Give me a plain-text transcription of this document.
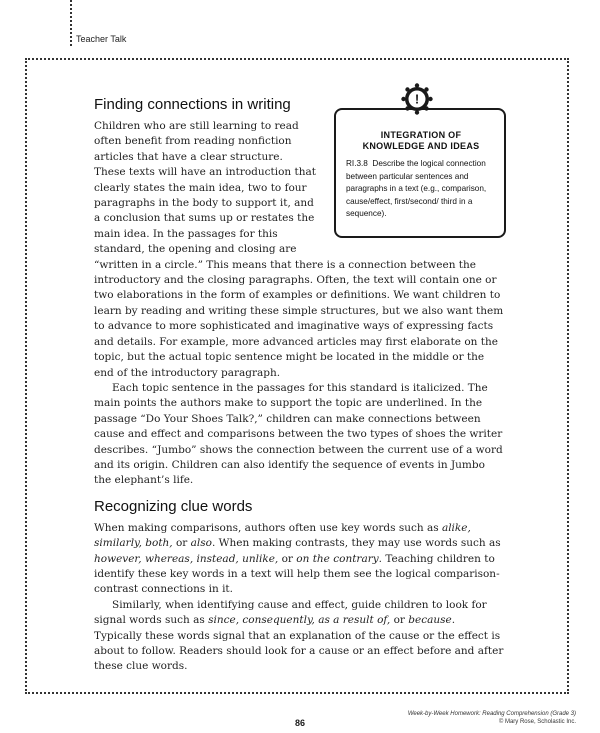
Teacher Talk
Finding connections in writing

Children who are still learning to read often benefit from reading nonfiction articles that have a clear structure. These texts will have an introduction that clearly states the main idea, two to four paragraphs in the body to support it, and a conclusion that sums up or restates the main idea. In the passages for this standard, the opening and closing are “written in a circle.” This means that there is a connection between the introductory and the closing paragraphs. Often, the text will contain one or two elaborations in the form of examples or definitions. We want children to learn by reading and writing these simple structures, but we also want them to advance to more sophisticated and imaginative ways of expressing facts and details. For example, more advanced articles may first elaborate on the topic, but the actual topic sentence might be located in the middle or the end of the introductory paragraph.

Each topic sentence in the passages for this standard is italicized. The main points the authors make to support the topic are underlined. In the passage “Do Your Shoes Talk?,” children can make connections between cause and effect and comparisons between the two types of shoes the writer describes. “Jumbo” shows the connection between the current use of a word and its origin. Children can also identify the sequence of events in Jumbo the elephant’s life.

Recognizing clue words

When making comparisons, authors often use key words such as alike, similarly, both, or also. When making contrasts, they may use words such as however, whereas, instead, unlike, or on the contrary. Teaching children to identify these key words in a text will help them see the logical comparison-contrast connections in it.

Similarly, when identifying cause and effect, guide children to look for signal words such as since, consequently, as a result of, or because. Typically these words signal that an explanation of the cause or the effect is about to follow. Readers should look for a cause or an effect before and after these clue words.

INTEGRATION OF
KNOWLEDGE AND IDEAS
RI.3.8 Describe the logical connection between particular sentences and paragraphs in a text (e.g., comparison, cause/effect, first/second/ third in a sequence).
!
86
Week-by-Week Homework: Reading Comprehension (Grade 3)
© Mary Rose, Scholastic Inc.
